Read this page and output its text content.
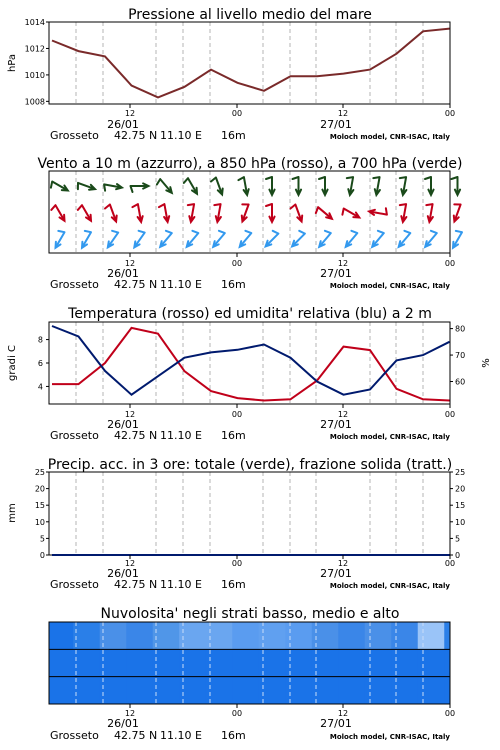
Pressione al livello medio del mare
1008
1010
1012
1014
hPa
12	00	12	00
26/01	27/01
Grosseto 42.75 N 11.10 E 16m	Moloch model, CNR-ISAC, Italy
Vento a 10 m (azzurro), a 850 hPa (rosso), a 700 hPa (verde)
12	00	12	00
26/01	27/01
Grosseto 42.75 N 11.10 E 16m	Moloch model, CNR-ISAC, Italy
Temperatura (rosso) ed umidita' relativa (blu) a 2 m
4
6
8
60
70
80
gradi C	%
12	00	12	00
26/01	27/01
Grosseto 42.75 N 11.10 E 16m	Moloch model, CNR-ISAC, Italy
Precip. acc. in 3 ore: totale (verde), frazione solida (tratt.)
0	0
5	5
10	10
15	15
20	20
25	25
mm
12	00	12	00
26/01	27/01
Grosseto 42.75 N 11.10 E 16m	Moloch model, CNR-ISAC, Italy
Nuvolosita' negli strati basso, medio e alto
12	00	12	00
26/01	27/01
Grosseto 42.75 N 11.10 E 16m	Moloch model, CNR-ISAC, Italy
